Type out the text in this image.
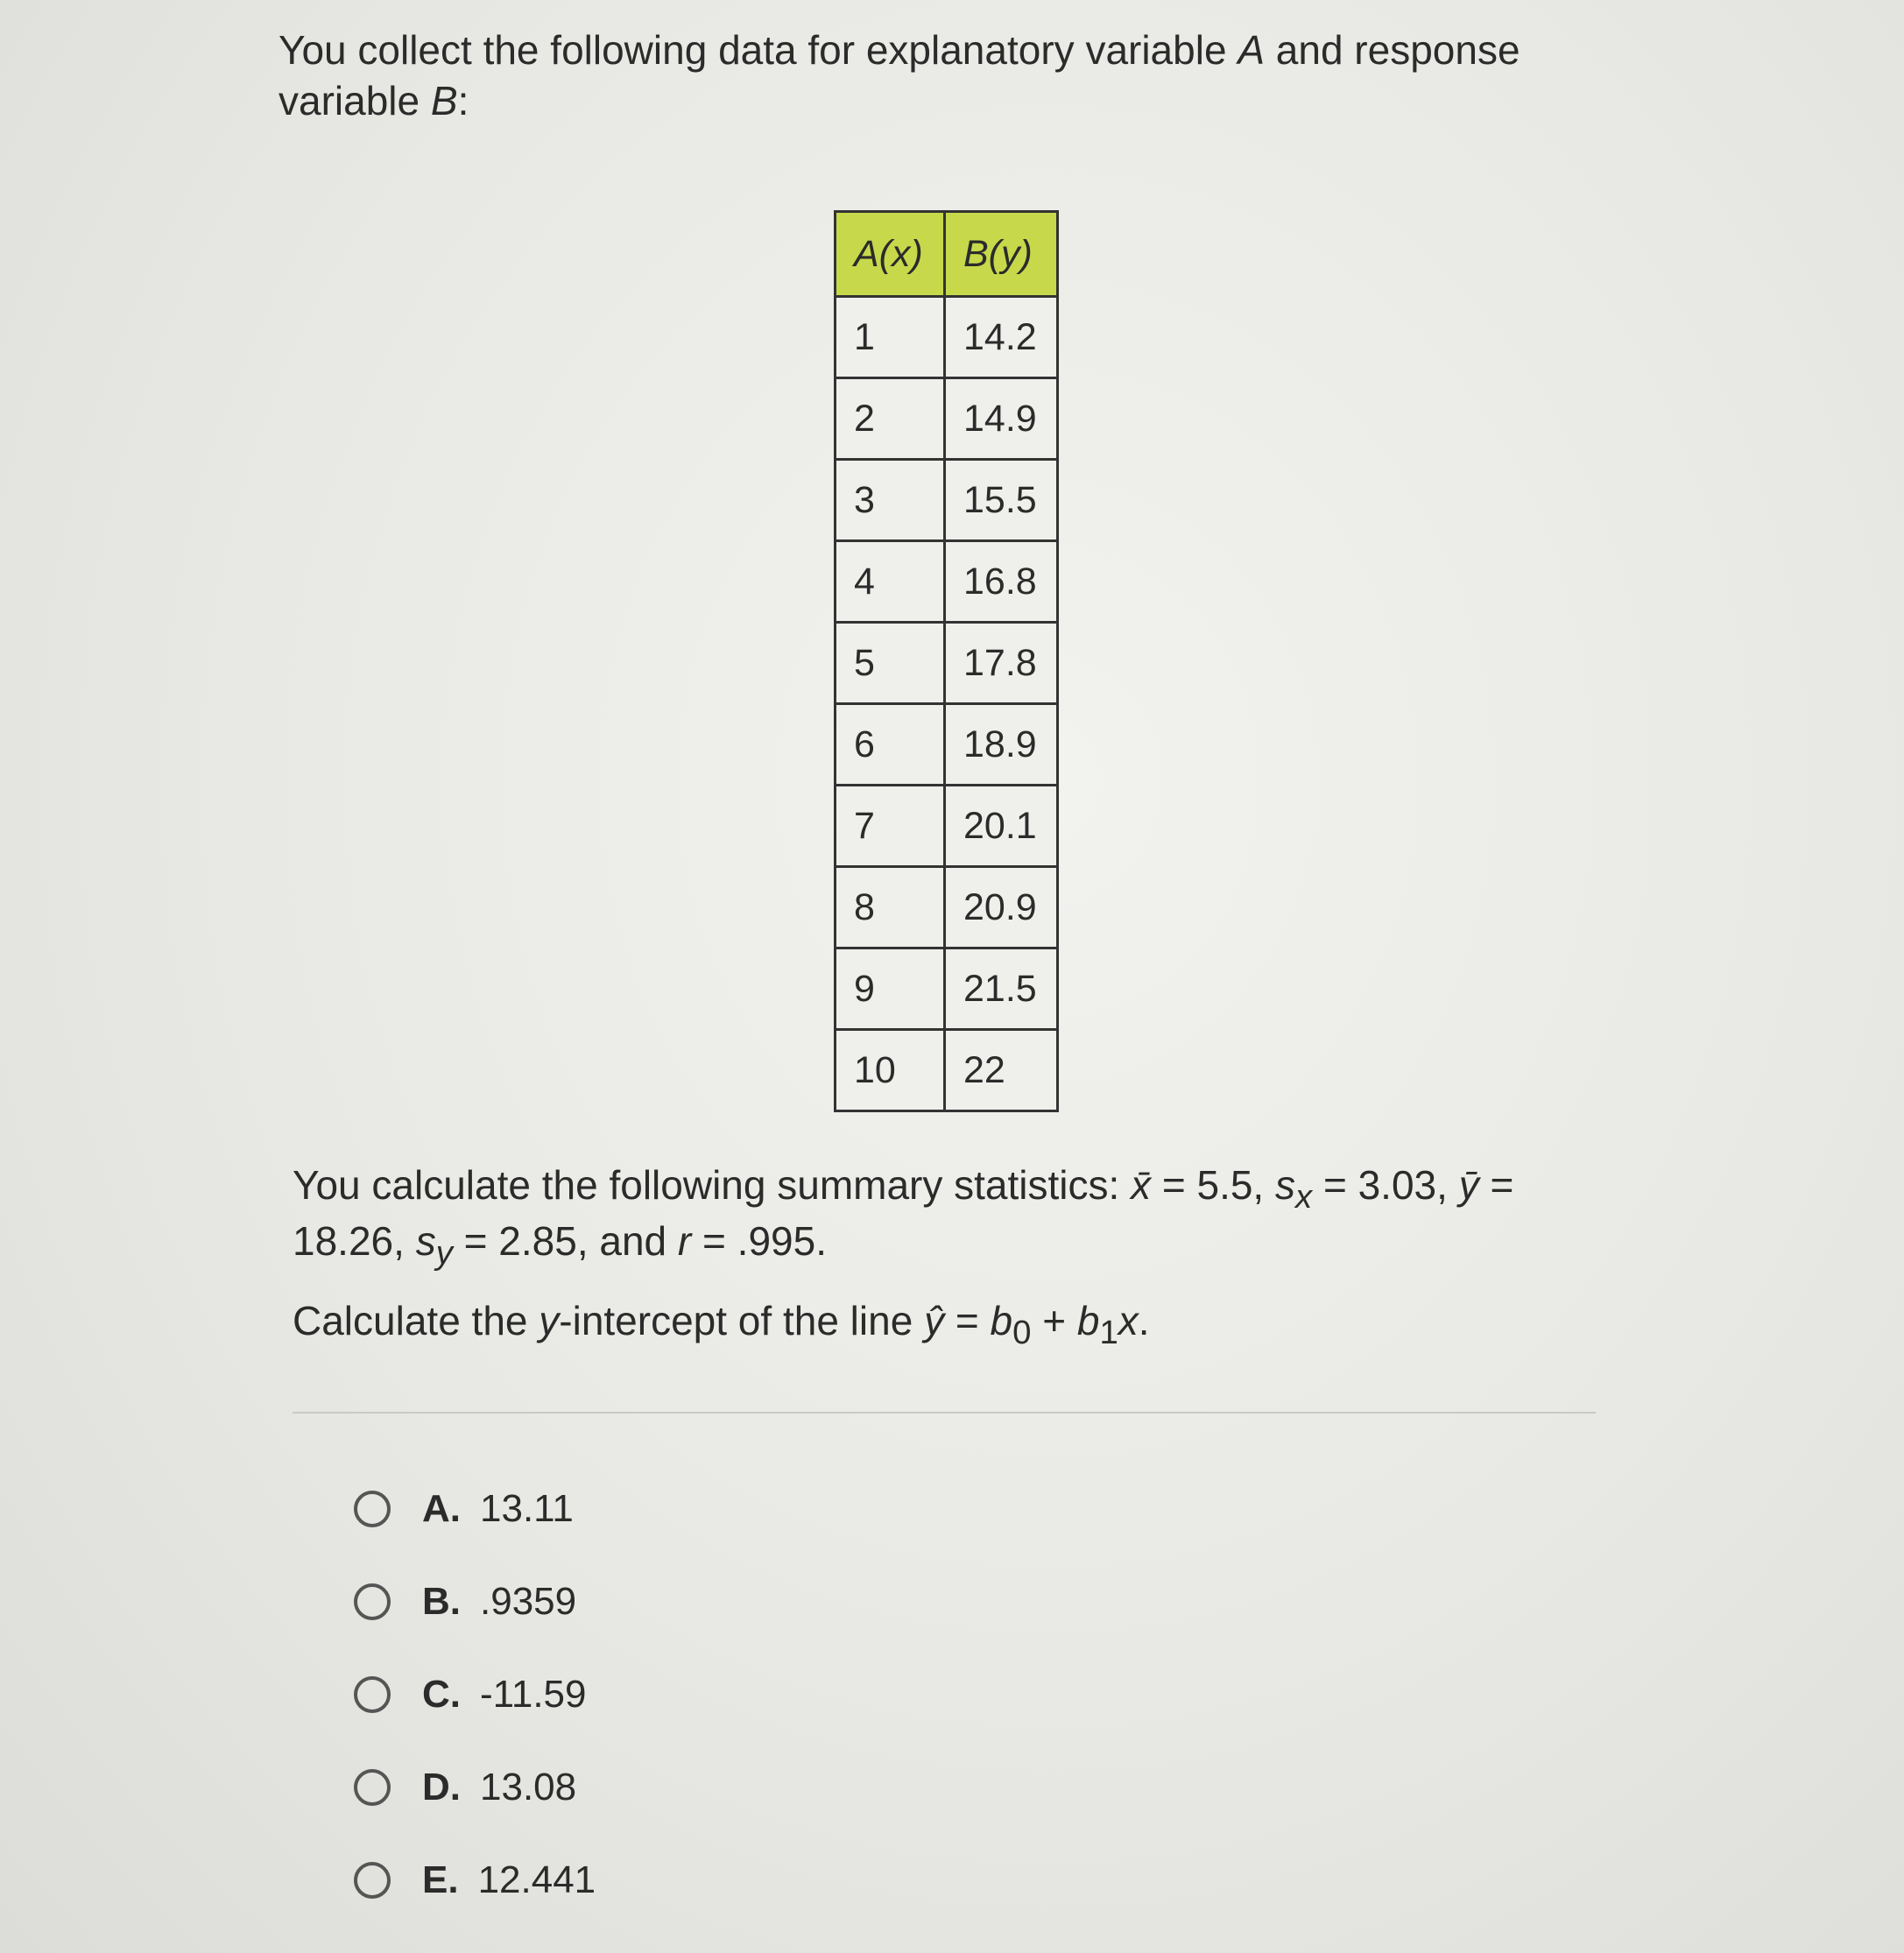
You collect the following data for explanatory variable A and response variable B:

A(x)	B(y)
1	14.2
2	14.9
3	15.5
4	16.8
5	17.8
6	18.9
7	20.1
8	20.9
9	21.5
10	22

You calculate the following summary statistics: x̄ = 5.5, $s_x = 3.03$, ȳ = 18.26, $s_y = 2.85$, and r = .995.

Calculate the y-intercept of the line ŷ = $b_0 + b_1x$.

A. 13.11
B. .9359
C. -11.59
D. 13.08
E. 12.441
